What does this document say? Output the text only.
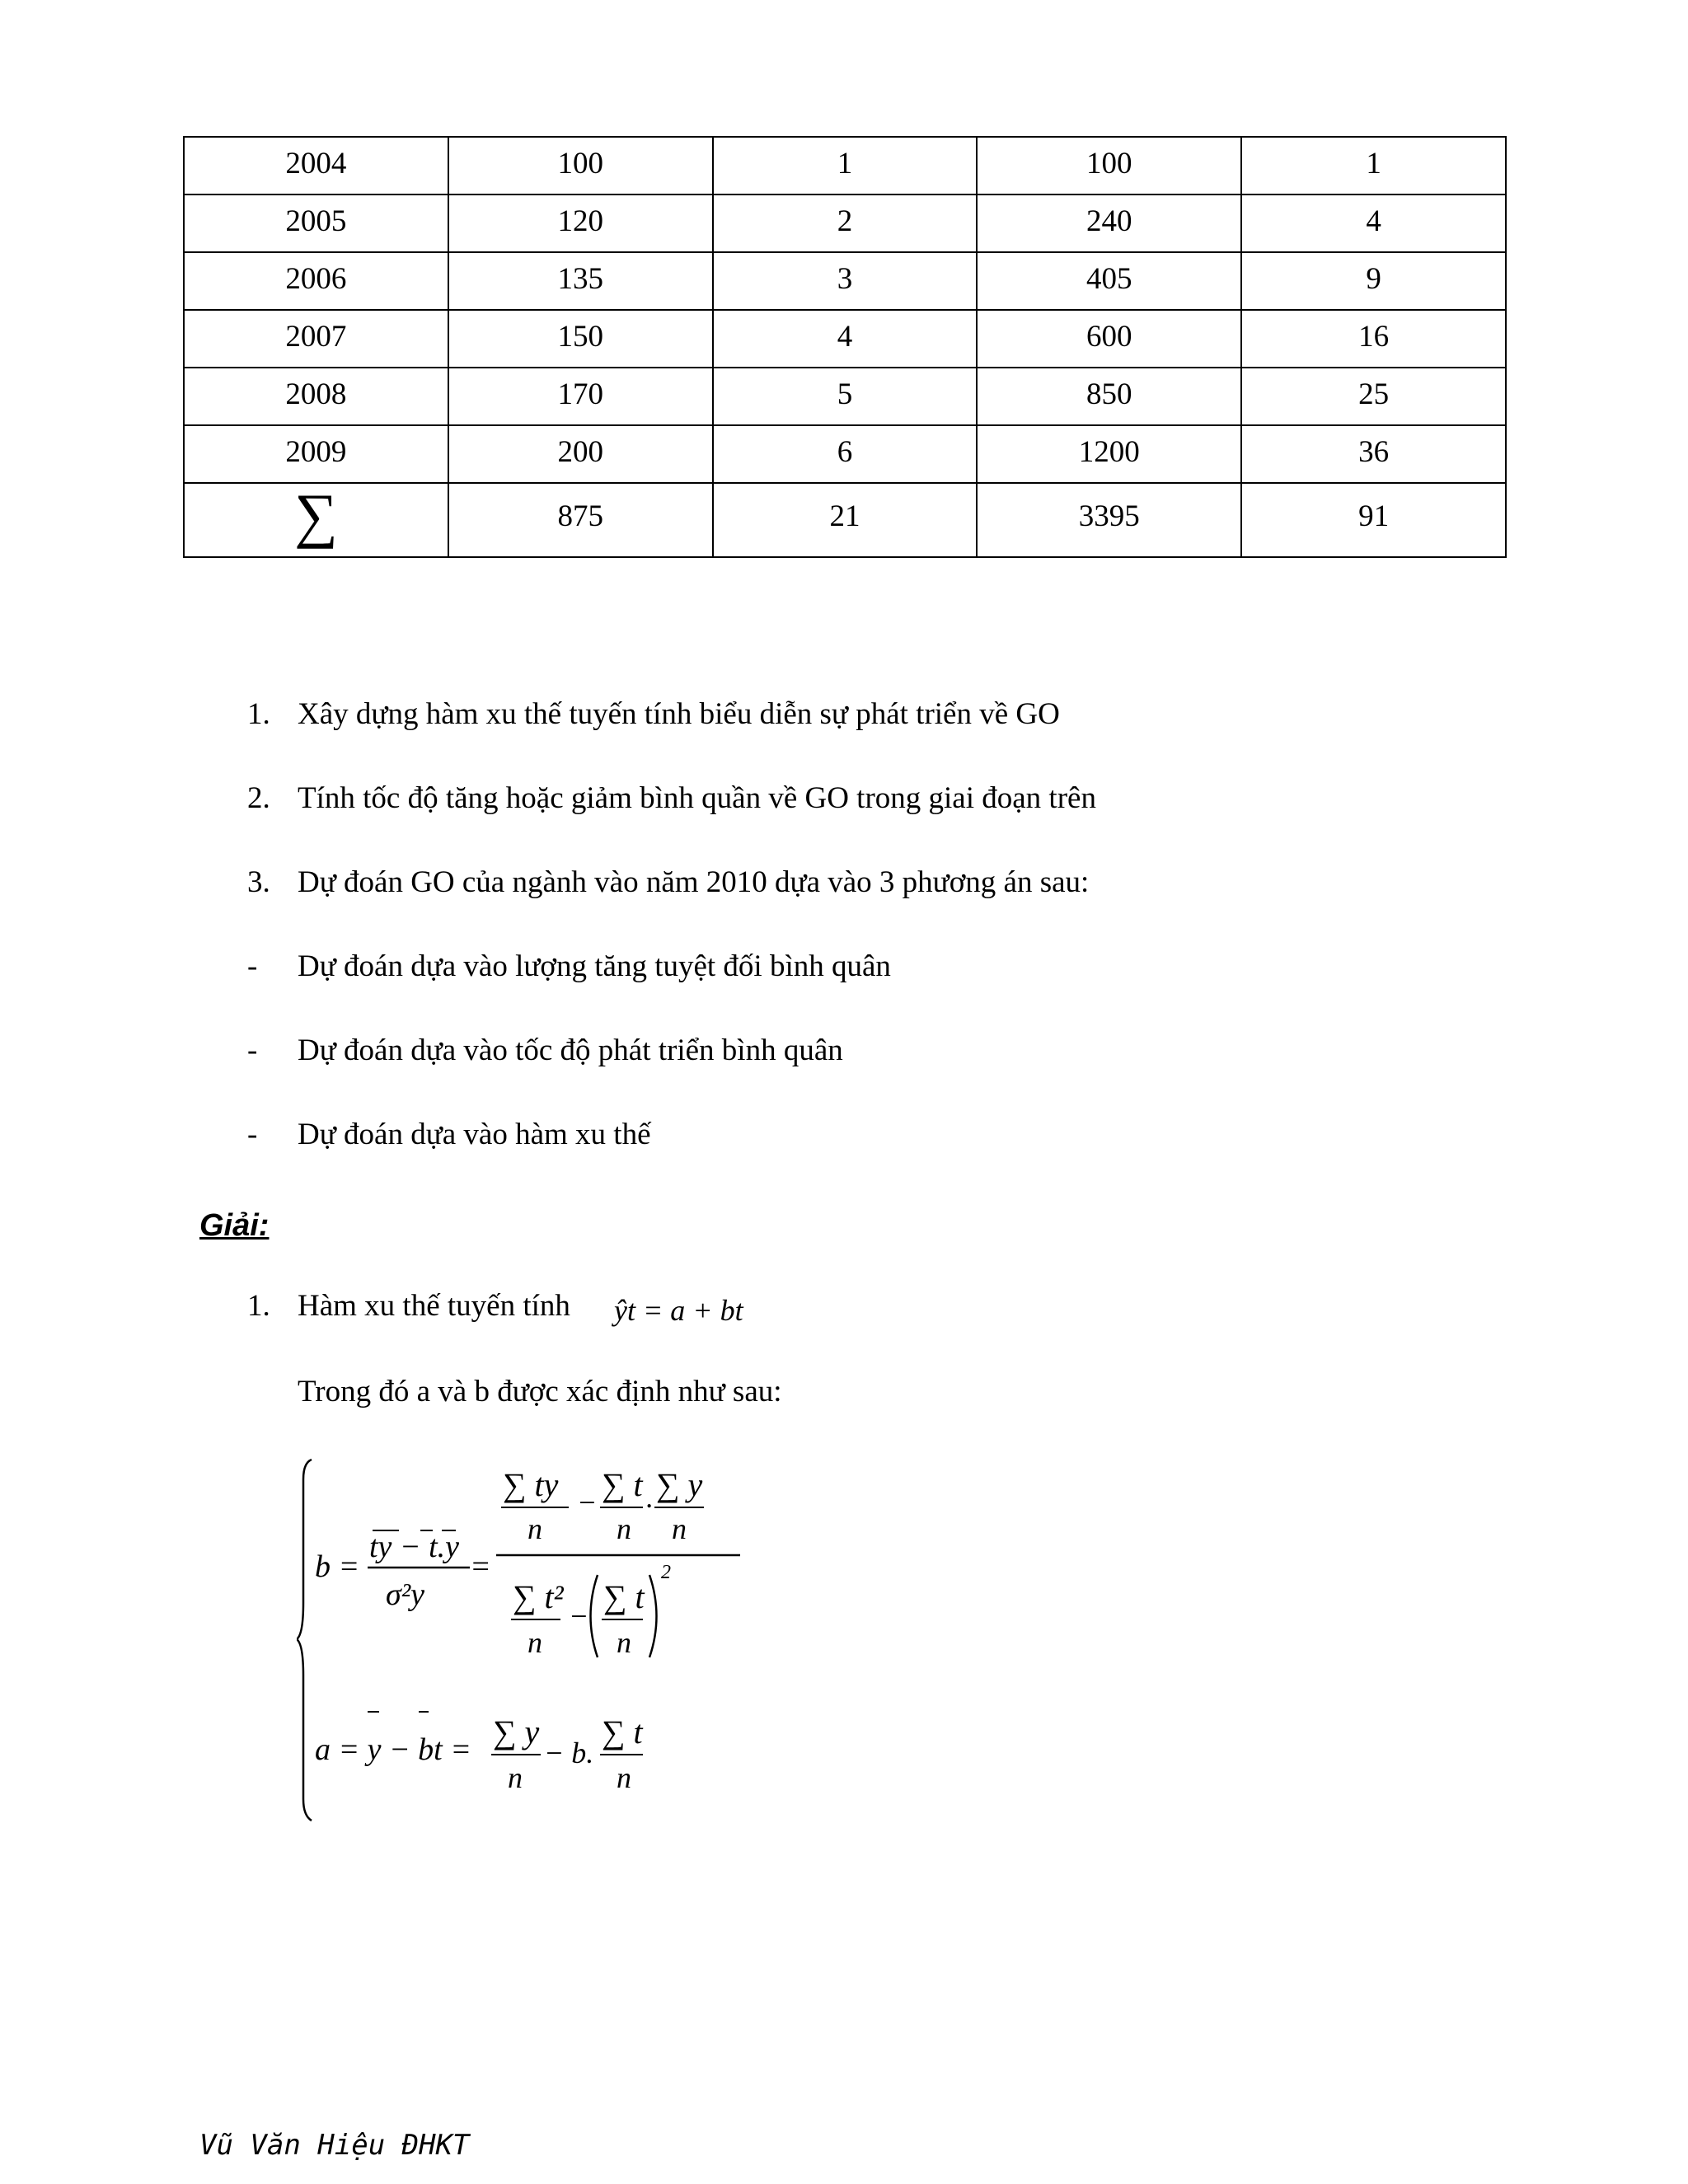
2004	100	1	100	1
2005	120	2	240	4
2006	135	3	405	9
2007	150	4	600	16
2008	170	5	850	25
2009	200	6	1200	36
∑	875	21	3395	91
1. Xây dựng hàm xu thế tuyến tính biểu diễn sự phát triển về GO
2. Tính tốc độ tăng hoặc giảm bình quần về GO trong giai đoạn trên
3. Dự đoán GO của ngành vào năm 2010 dựa vào 3 phương án sau:
- Dự đoán dựa vào lượng tăng tuyệt đối bình quân
- Dự đoán dựa vào tốc độ phát triển bình quân
- Dự đoán dựa vào hàm xu thế
Giải:
1. Hàm xu thế tuyến tính ŷt = a + bt
Trong đó a và b được xác định như sau:
b =
ty − t.y
σ²y
=
∑ ty
n
− ∑ t
n
. ∑ y
n
∑ t²
n
−
∑ t
n
2
a = y − bt = ∑ y
n
− b.
∑ t
n
Vũ Văn Hiệu ĐHKT
